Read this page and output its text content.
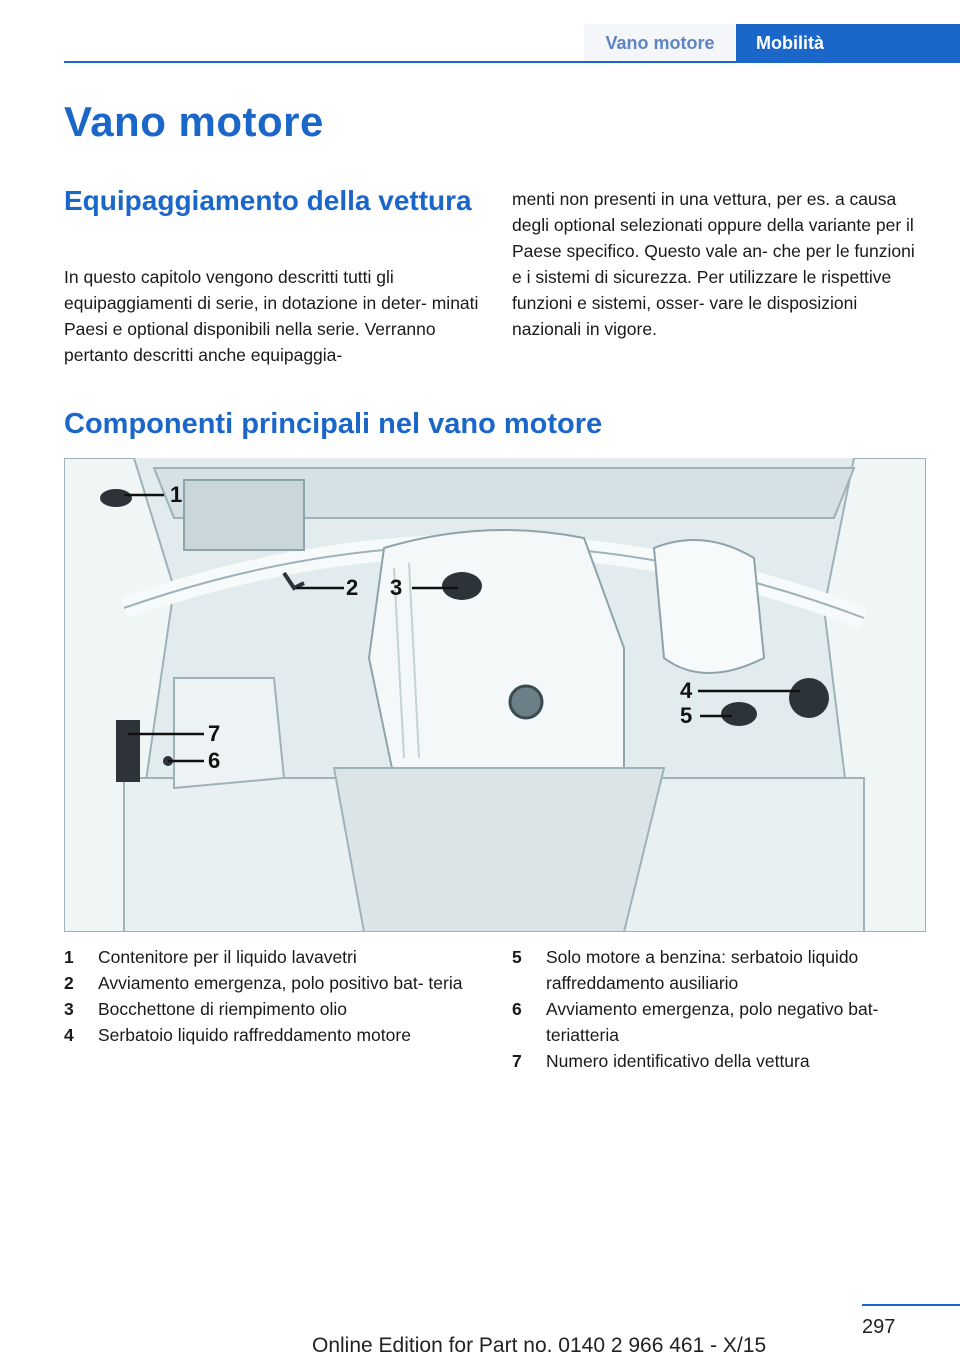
Vano motore	Mobilità
Vano motore
Equipaggiamento della vettura

In questo capitolo vengono descritti tutti gli equipaggiamenti di serie, in dotazione in deter- minati Paesi e optional disponibili nella serie. Verranno pertanto descritti anche equipaggia-

menti non presenti in una vettura, per es. a causa degli optional selezionati oppure della variante per il Paese specifico. Questo vale an- che per le funzioni e i sistemi di sicurezza. Per utilizzare le rispettive funzioni e sistemi, osser- vare le disposizioni nazionali in vigore.

Componenti principali nel vano motore
1
2 3
4
5
6
7
1	Contenitore per il liquido lavavetri
2	Avviamento emergenza, polo positivo bat- teria
3	Bocchettone di riempimento olio
4	Serbatoio liquido raffreddamento motore
5	Solo motore a benzina: serbatoio liquido raffreddamento ausiliario
6	Avviamento emergenza, polo negativo bat- teriatteria
7	Numero identificativo della vettura
297
Online Edition for Part no. 0140 2 966 461 - X/15
